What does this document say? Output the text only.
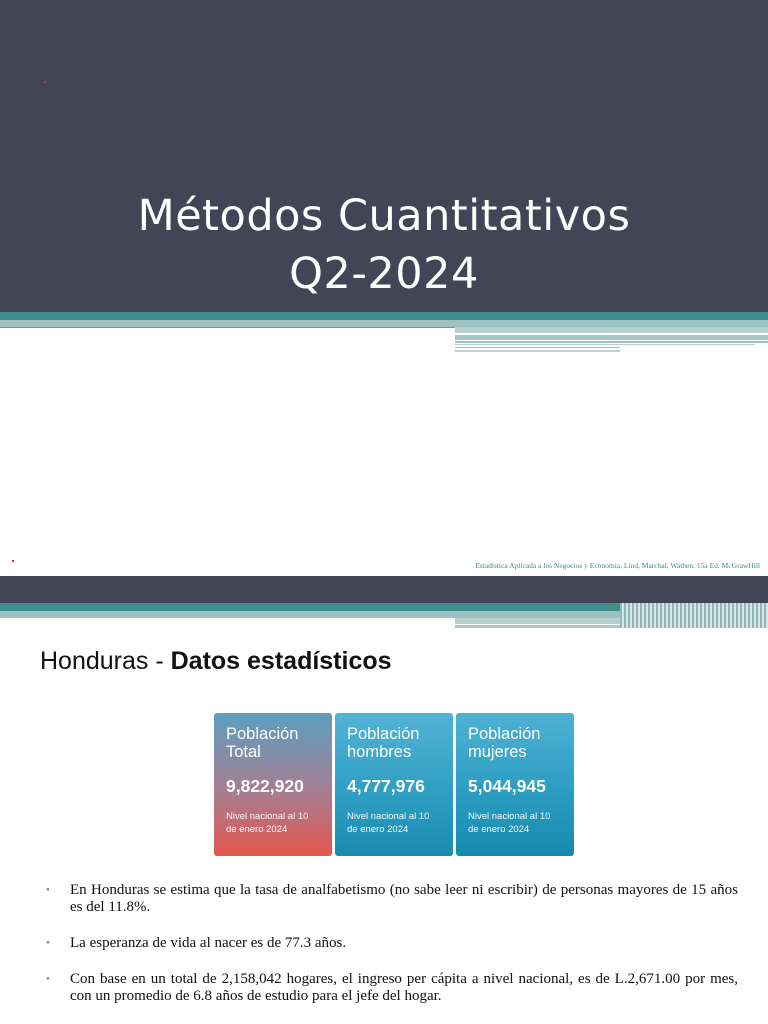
Métodos Cuantitativos
Q2-2024
Estadística Aplicada a los Negocios y Economía, Lind, Marchal, Wathen. 15a Ed. McGrawHill
Honduras - Datos estadísticos

Población Total

9,822,920
Nivel nacional al 10 de enero 2024

Población hombres

4,777,976
Nivel nacional al 10 de enero 2024

Población mujeres

5,044,945
Nivel nacional al 10 de enero 2024
• En Honduras se estima que la tasa de analfabetismo (no sabe leer ni escribir) de personas mayores de 15 años es del 11.8%.
• La esperanza de vida al nacer es de 77.3 años.
• Con base en un total de 2,158,042 hogares, el ingreso per cápita a nivel nacional, es de L.2,671.00 por mes, con un promedio de 6.8 años de estudio para el jefe del hogar.
